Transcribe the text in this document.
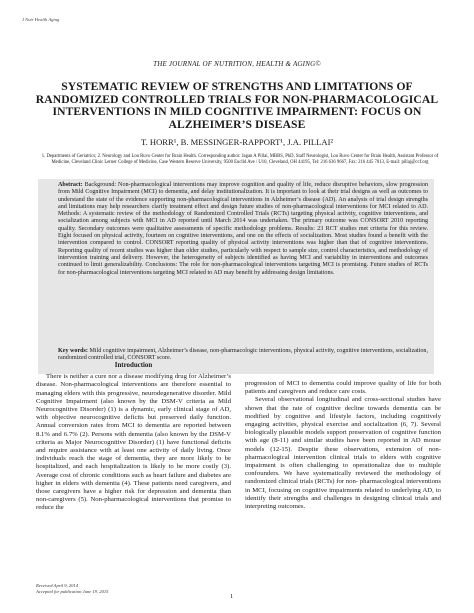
J Nutr Health Aging
THE JOURNAL OF NUTRITION, HEALTH & AGING©
SYSTEMATIC REVIEW OF STRENGTHS AND LIMITATIONS OF RANDOMIZED CONTROLLED TRIALS FOR NON-PHARMACOLOGICAL INTERVENTIONS IN MILD COGNITIVE IMPAIRMENT: FOCUS ON ALZHEIMER’S DISEASE
T. HORR¹, B. MESSINGER-RAPPORT¹, J.A. PILLAI²
1. Departments of Geriatrics; 2. Neurology and Lou Ruvo Center for Brain Health. Corresponding author: Jagan A Pillai, MBBS, PhD, Staff Neurologist, Lou Ruvo Center for Brain Health, Assistant Professor of Medicine, Cleveland Clinic Lerner College of Medicine, Case Western Reserve University, 9500 Euclid Ave / U10, Cleveland, OH 44195, Tel: 216 636 9667, Fax: 216 445 7013, E-mail: pillaj@ccf.org
Abstract: Background: Non-pharmacological interventions may improve cognition and quality of life, reduce disruptive behaviors, slow progression from Mild Cognitive Impairment (MCI) to dementia, and delay institutionalization. It is important to look at their trial designs as well as outcomes to understand the state of the evidence supporting non-pharmacological interventions in Alzheimer’s disease (AD). An analysis of trial design strengths and limitations may help researchers clarify treatment effect and design future studies of non-pharmacological interventions for MCI related to AD. Methods: A systematic review of the methodology of Randomized Controlled Trials (RCTs) targeting physical activity, cognitive interventions, and socialization among subjects with MCI in AD reported until March 2014 was undertaken. The primary outcome was CONSORT 2010 reporting quality. Secondary outcomes were qualitative assessments of specific methodology problems. Results: 23 RCT studies met criteria for this review. Eight focused on physical activity, fourteen on cognitive interventions, and one on the effects of socialization. Most studies found a benefit with the intervention compared to control. CONSORT reporting quality of physical activity interventions was higher than that of cognitive interventions. Reporting quality of recent studies was higher than older studies, particularly with respect to sample size, control characteristics, and methodology of intervention training and delivery. However, the heterogeneity of subjects identified as having MCI and variability in interventions and outcomes continued to limit generalizability. Conclusions: The role for non-pharmacological interventions targeting MCI is promising. Future studies of RCTs for non-pharmacological interventions targeting MCI related to AD may benefit by addressing design limitations.
Key words: Mild cognitive impairment, Alzheimer’s disease, non-pharmacologic interventions, physical activity, cognitive interventions, socialization, randomized controlled trial, CONSORT score.
Introduction

There is neither a cure nor a disease modifying drug for Alzheimer’s disease. Non-pharmacological interventions are therefore essential to managing elders with this progressive, neurodegenerative disorder. Mild Cognitive Impairment (also known by the DSM-V criteria as Mild Neurocognitive Disorder) (1) is a dynamic, early clinical stage of AD, with objective neurocognitive deficits but preserved daily function. Annual conversion rates from MCI to dementia are reported between 8.1% and 6.7% (2). Persons with dementia (also known by the DSM-V criteria as Major Neurocognitive Disorder) (1) have functional deficits and require assistance with at least one activity of daily living. Once individuals reach the stage of dementia, they are more likely to be hospitalized, and each hospitalization is likely to be more costly (3). Average cost of chronic conditions such as heart failure and diabetes are higher in elders with dementia (4). These patients need caregivers, and those caregivers have a higher risk for depression and dementia than non-caregivers (5). Non-pharmacological interventions that promise to reduce the

progression of MCI to dementia could improve quality of life for both patients and caregivers and reduce care costs.

Several observational longitudinal and cross-sectional studies have shown that the rate of cognitive decline towards dementia can be modified by cognitive and lifestyle factors, including cognitively engaging activities, physical exercise and socialization (6, 7). Several biologically plausible models support preservation of cognitive function with age (8-11) and similar studies have been reported in AD mouse models (12-15). Despite these observations, extension of non-pharmacological intervention clinical trials to elders with cognitive impairment is often challenging to operationalize due to multiple confounders. We have systematically reviewed the methodology of randomized clinical trials (RCTs) for non- pharmacological interventions in MCI, focusing on cognitive impairments related to underlying AD, to identify their strengths and challenges in designing clinical trials and interpreting outcomes.

Received April 9, 2014
Accepted for publication June 19, 2015
1
